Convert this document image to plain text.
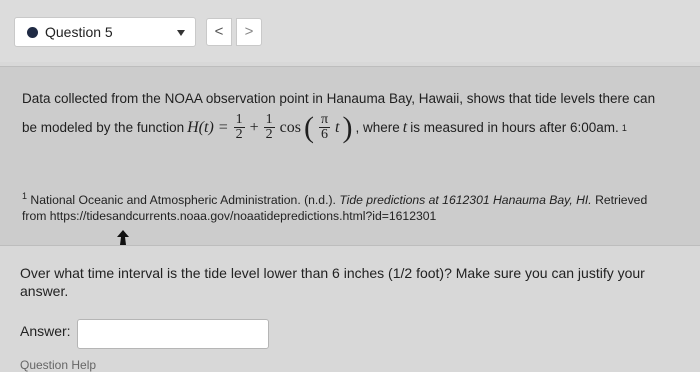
Question 5	<	>
Data collected from the NOAA observation point in Hanauma Bay, Hawaii, shows that tide levels there can
be modeled by the function $H(t) = \frac{1}{2} + \frac{1}{2}$ cos ( $\frac{\pi}{6}$ t ) , where t is measured in hours after 6:00am. 1
$^1$ National Oceanic and Atmospheric Administration. (n.d.). Tide predictions at 1612301 Hanauma Bay, HI. Retrieved
from https://tidesandcurrents.noaa.gov/noaatidepredictions.html?id=1612301
Over what time interval is the tide level lower than 6 inches (1/2 foot)? Make sure you can justify your answer.
Answer:
Question Help
